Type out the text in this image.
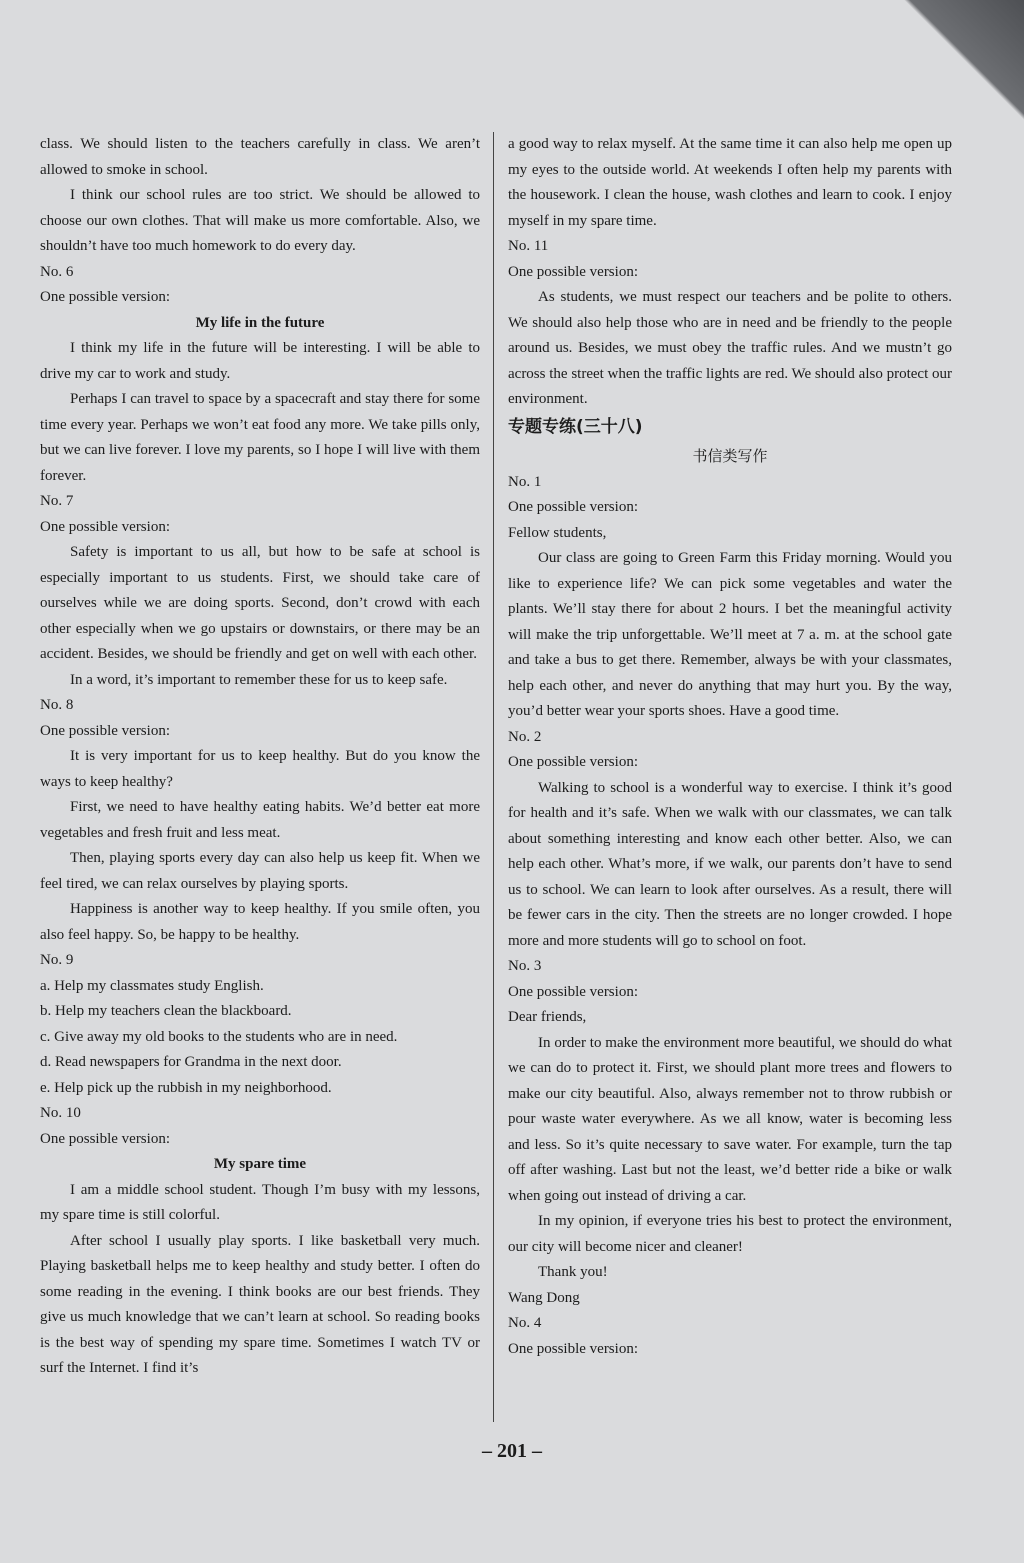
class. We should listen to the teachers carefully in class. We aren’t allowed to smoke in school.

I think our school rules are too strict. We should be allowed to choose our own clothes. That will make us more comfortable. Also, we shouldn’t have too much homework to do every day.

No. 6

One possible version:

My life in the future

I think my life in the future will be interesting. I will be able to drive my car to work and study.

Perhaps I can travel to space by a spacecraft and stay there for some time every year. Perhaps we won’t eat food any more. We take pills only, but we can live forever. I love my parents, so I hope I will live with them forever.

No. 7

One possible version:

Safety is important to us all, but how to be safe at school is especially important to us students. First, we should take care of ourselves while we are doing sports. Second, don’t crowd with each other especially when we go upstairs or downstairs, or there may be an accident. Besides, we should be friendly and get on well with each other.

In a word, it’s important to remember these for us to keep safe.

No. 8

One possible version:

It is very important for us to keep healthy. But do you know the ways to keep healthy?

First, we need to have healthy eating habits. We’d better eat more vegetables and fresh fruit and less meat.

Then, playing sports every day can also help us keep fit. When we feel tired, we can relax ourselves by playing sports.

Happiness is another way to keep healthy. If you smile often, you also feel happy. So, be happy to be healthy.

No. 9

a. Help my classmates study English.

b. Help my teachers clean the blackboard.

c. Give away my old books to the students who are in need.

d. Read newspapers for Grandma in the next door.

e. Help pick up the rubbish in my neighborhood.

No. 10

One possible version:

My spare time

I am a middle school student. Though I’m busy with my lessons, my spare time is still colorful.

After school I usually play sports. I like basketball very much. Playing basketball helps me to keep healthy and study better. I often do some reading in the evening. I think books are our best friends. They give us much knowledge that we can’t learn at school. So reading books is the best way of spending my spare time. Sometimes I watch TV or surf the Internet. I find it’s

a good way to relax myself. At the same time it can also help me open up my eyes to the outside world. At weekends I often help my parents with the housework. I clean the house, wash clothes and learn to cook. I enjoy myself in my spare time.

No. 11

One possible version:

As students, we must respect our teachers and be polite to others. We should also help those who are in need and be friendly to the people around us. Besides, we must obey the traffic rules. And we mustn’t go across the street when the traffic lights are red. We should also protect our environment.

专题专练(三十八)

书信类写作

No. 1

One possible version:

Fellow students,

Our class are going to Green Farm this Friday morning. Would you like to experience life? We can pick some vegetables and water the plants. We’ll stay there for about 2 hours. I bet the meaningful activity will make the trip unforgettable. We’ll meet at 7 a. m. at the school gate and take a bus to get there. Remember, always be with your classmates, help each other, and never do anything that may hurt you. By the way, you’d better wear your sports shoes. Have a good time.

No. 2

One possible version:

Walking to school is a wonderful way to exercise. I think it’s good for health and it’s safe. When we walk with our classmates, we can talk about something interesting and know each other better. Also, we can help each other. What’s more, if we walk, our parents don’t have to send us to school. We can learn to look after ourselves. As a result, there will be fewer cars in the city. Then the streets are no longer crowded. I hope more and more students will go to school on foot.

No. 3

One possible version:

Dear friends,

In order to make the environment more beautiful, we should do what we can do to protect it. First, we should plant more trees and flowers to make our city beautiful. Also, always remember not to throw rubbish or pour waste water everywhere. As we all know, water is becoming less and less. So it’s quite necessary to save water. For example, turn the tap off after washing. Last but not the least, we’d better ride a bike or walk when going out instead of driving a car.

In my opinion, if everyone tries his best to protect the environment, our city will become nicer and cleaner!

Thank you!

Wang Dong

No. 4

One possible version:

– 201 –
